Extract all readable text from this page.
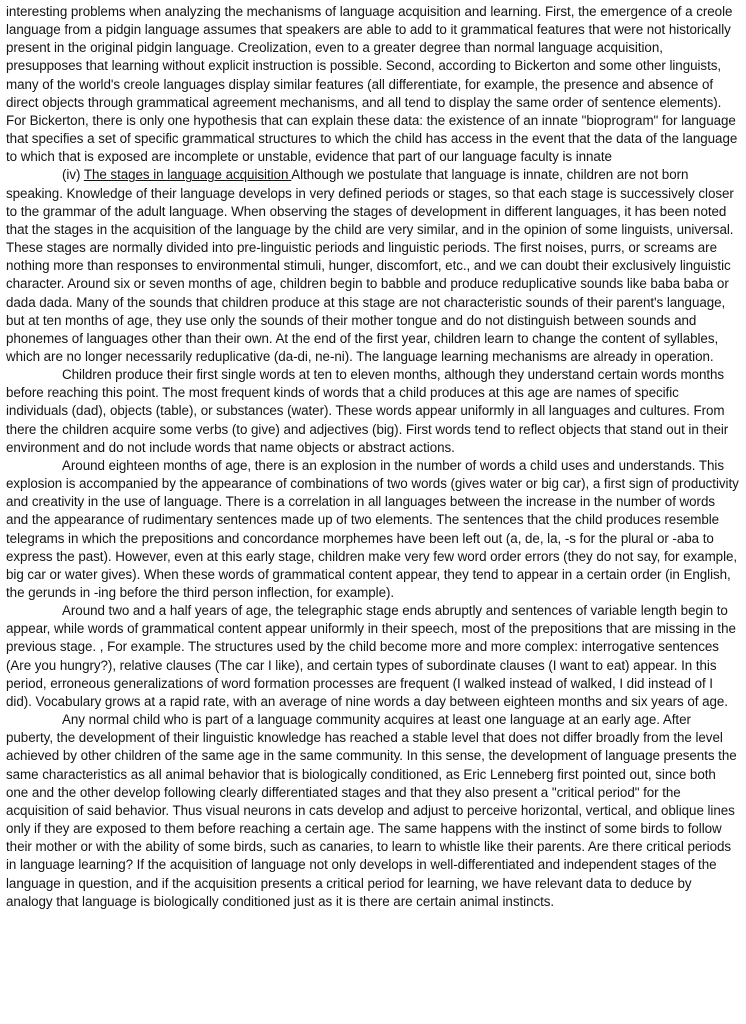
interesting problems when analyzing the mechanisms of language acquisition and learning. First, the emergence of a creole language from a pidgin language assumes that speakers are able to add to it grammatical features that were not historically present in the original pidgin language. Creolization, even to a greater degree than normal language acquisition, presupposes that learning without explicit instruction is possible. Second, according to Bickerton and some other linguists, many of the world's creole languages display similar features (all differentiate, for example, the presence and absence of direct objects through grammatical agreement mechanisms, and all tend to display the same order of sentence elements). For Bickerton, there is only one hypothesis that can explain these data: the existence of an innate "bioprogram" for language that specifies a set of specific grammatical structures to which the child has access in the event that the data of the language to which that is exposed are incomplete or unstable, evidence that part of our language faculty is innate

(iv) The stages in language acquisition Although we postulate that language is innate, children are not born speaking. Knowledge of their language develops in very defined periods or stages, so that each stage is successively closer to the grammar of the adult language. When observing the stages of development in different languages, it has been noted that the stages in the acquisition of the language by the child are very similar, and in the opinion of some linguists, universal. These stages are normally divided into pre-linguistic periods and linguistic periods. The first noises, purrs, or screams are nothing more than responses to environmental stimuli, hunger, discomfort, etc., and we can doubt their exclusively linguistic character. Around six or seven months of age, children begin to babble and produce reduplicative sounds like baba baba or dada dada. Many of the sounds that children produce at this stage are not characteristic sounds of their parent's language, but at ten months of age, they use only the sounds of their mother tongue and do not distinguish between sounds and phonemes of languages other than their own. At the end of the first year, children learn to change the content of syllables, which are no longer necessarily reduplicative (da-di, ne-ni). The language learning mechanisms are already in operation.

Children produce their first single words at ten to eleven months, although they understand certain words months before reaching this point. The most frequent kinds of words that a child produces at this age are names of specific individuals (dad), objects (table), or substances (water). These words appear uniformly in all languages and cultures. From there the children acquire some verbs (to give) and adjectives (big). First words tend to reflect objects that stand out in their environment and do not include words that name objects or abstract actions.

Around eighteen months of age, there is an explosion in the number of words a child uses and understands. This explosion is accompanied by the appearance of combinations of two words (gives water or big car), a first sign of productivity and creativity in the use of language. There is a correlation in all languages between the increase in the number of words and the appearance of rudimentary sentences made up of two elements. The sentences that the child produces resemble telegrams in which the prepositions and concordance morphemes have been left out (a, de, la, -s for the plural or -aba to express the past). However, even at this early stage, children make very few word order errors (they do not say, for example, big car or water gives). When these words of grammatical content appear, they tend to appear in a certain order (in English, the gerunds in -ing before the third person inflection, for example).

Around two and a half years of age, the telegraphic stage ends abruptly and sentences of variable length begin to appear, while words of grammatical content appear uniformly in their speech, most of the prepositions that are missing in the previous stage. , For example. The structures used by the child become more and more complex: interrogative sentences (Are you hungry?), relative clauses (The car I like), and certain types of subordinate clauses (I want to eat) appear. In this period, erroneous generalizations of word formation processes are frequent (I walked instead of walked, I did instead of I did). Vocabulary grows at a rapid rate, with an average of nine words a day between eighteen months and six years of age.

Any normal child who is part of a language community acquires at least one language at an early age. After puberty, the development of their linguistic knowledge has reached a stable level that does not differ broadly from the level achieved by other children of the same age in the same community. In this sense, the development of language presents the same characteristics as all animal behavior that is biologically conditioned, as Eric Lenneberg first pointed out, since both one and the other develop following clearly differentiated stages and that they also present a "critical period" for the acquisition of said behavior. Thus visual neurons in cats develop and adjust to perceive horizontal, vertical, and oblique lines only if they are exposed to them before reaching a certain age. The same happens with the instinct of some birds to follow their mother or with the ability of some birds, such as canaries, to learn to whistle like their parents. Are there critical periods in language learning? If the acquisition of language not only develops in well-differentiated and independent stages of the language in question, and if the acquisition presents a critical period for learning, we have relevant data to deduce by analogy that language is biologically conditioned just as it is there are certain animal instincts.
